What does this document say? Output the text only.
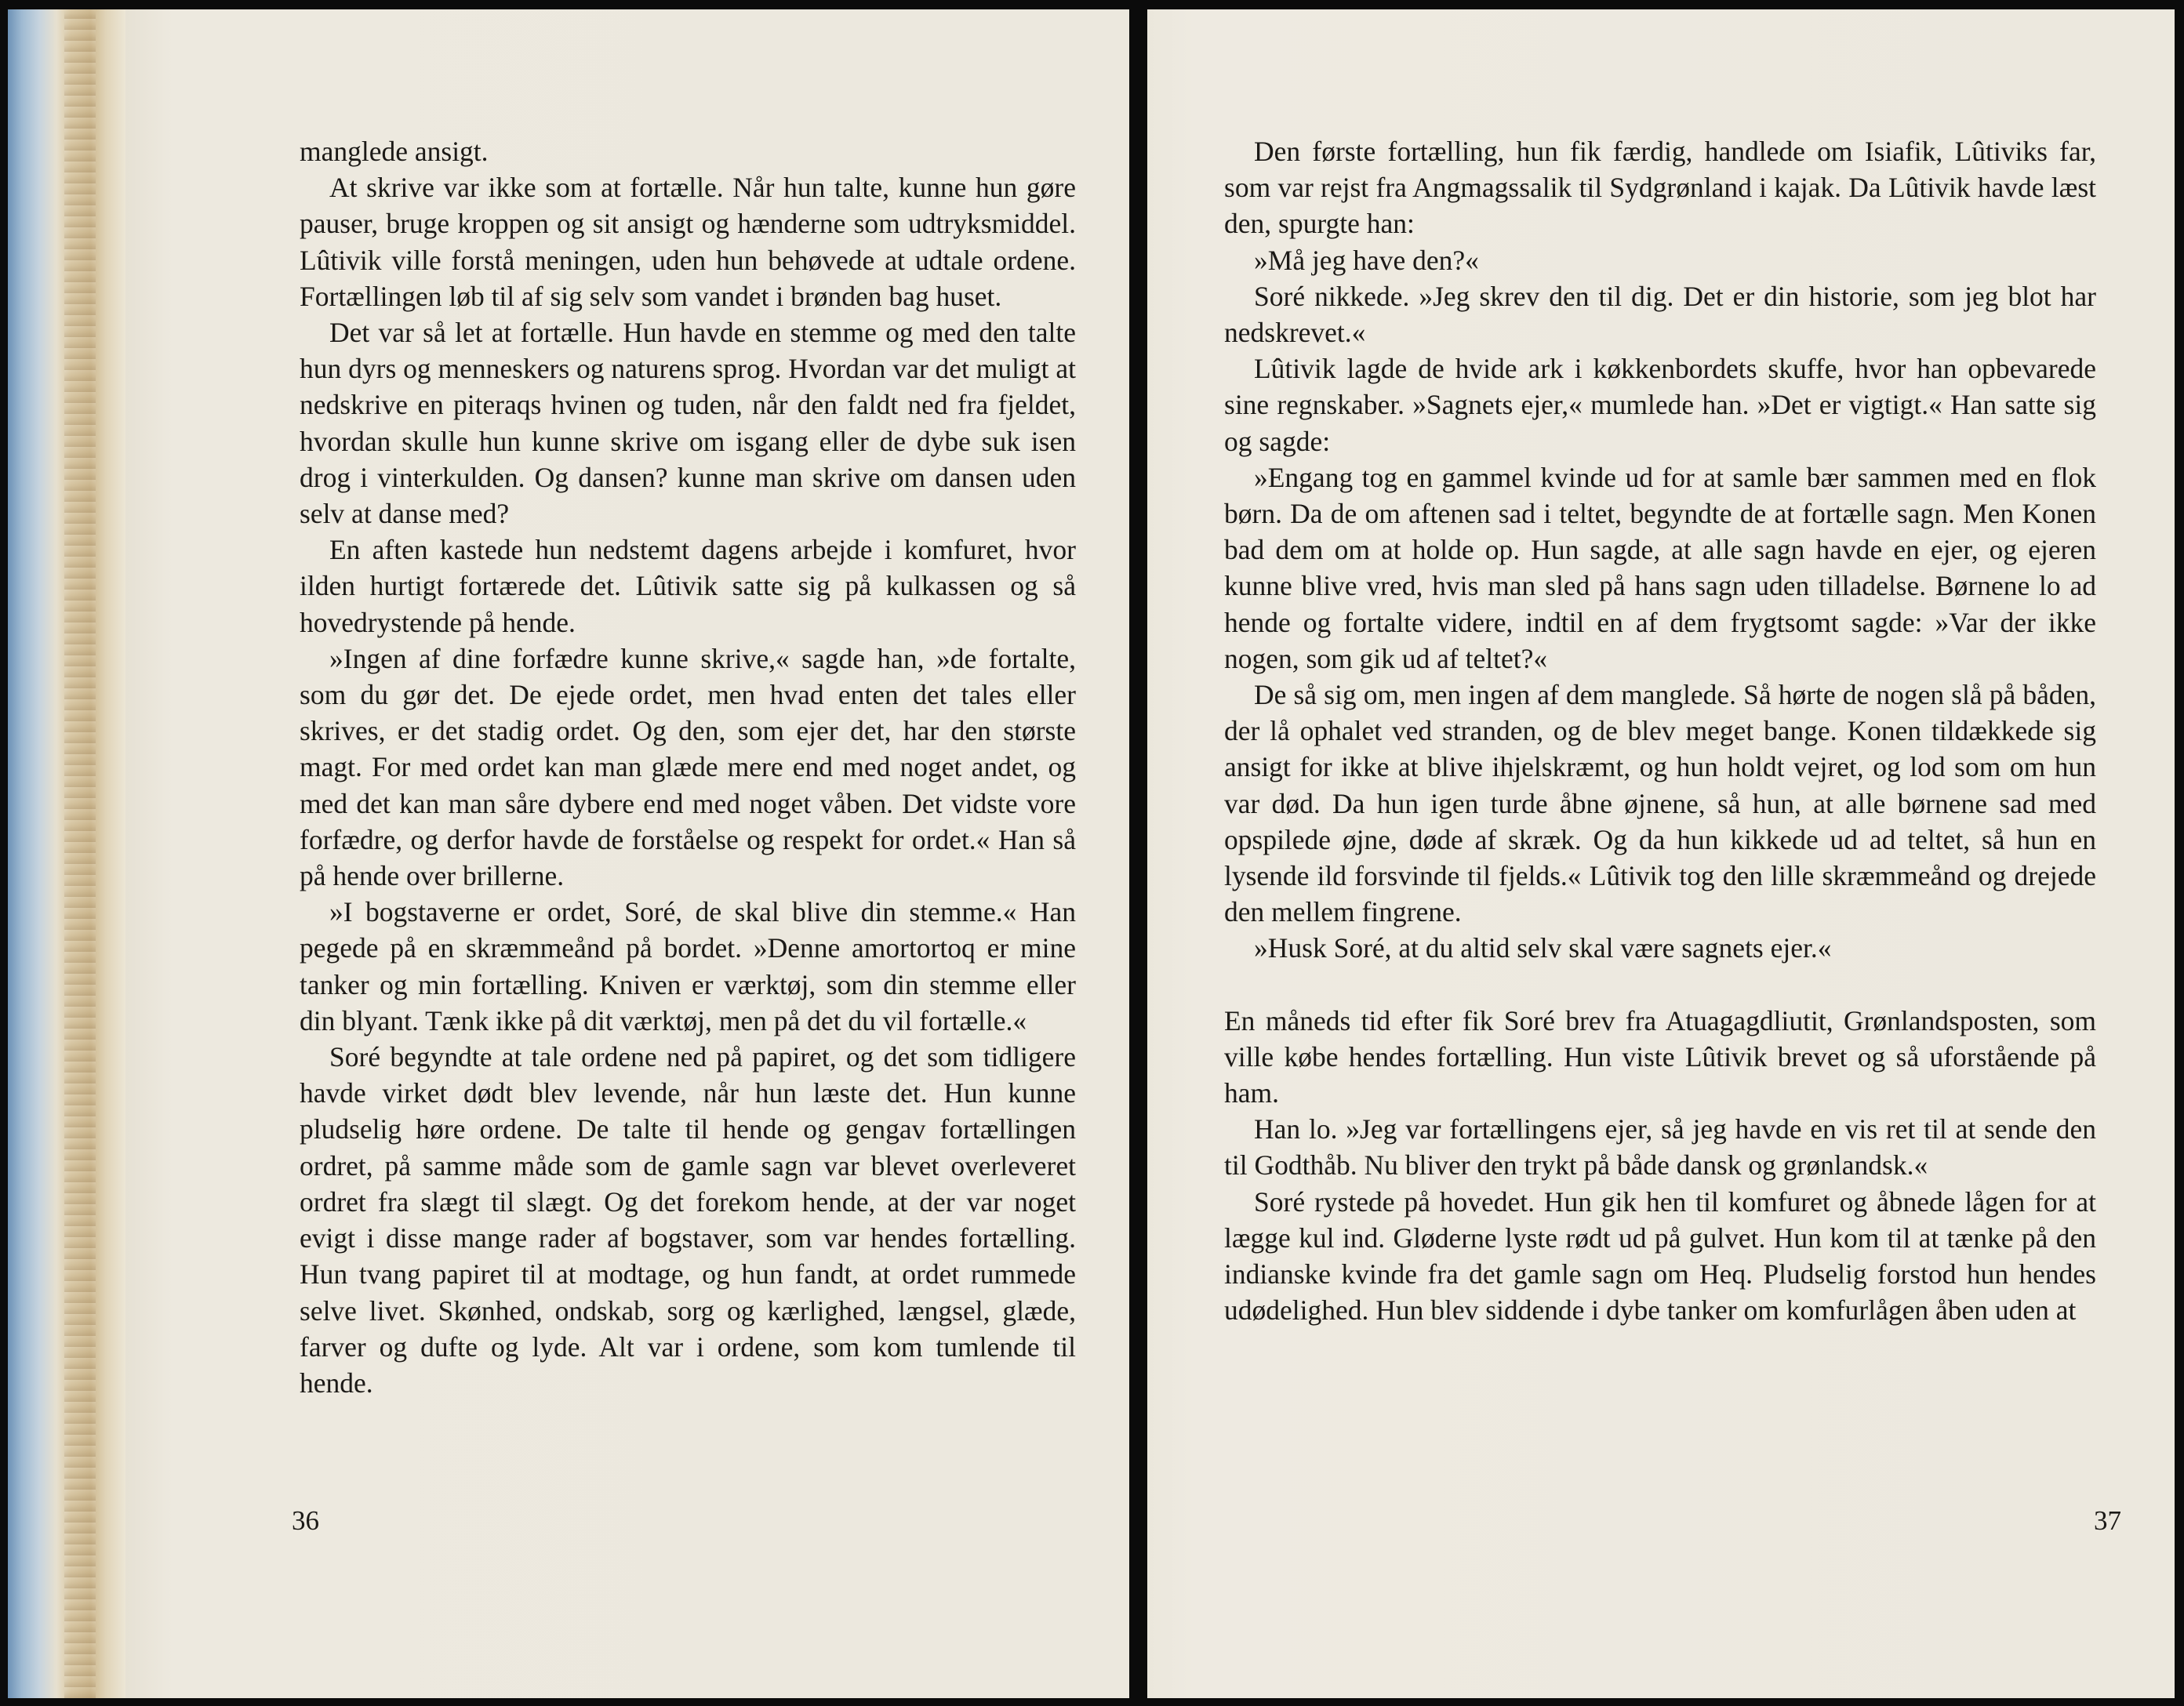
manglede ansigt.

At skrive var ikke som at fortælle. Når hun talte, kunne hun gøre pauser, bruge kroppen og sit ansigt og hænderne som udtryksmiddel. Lûtivik ville forstå meningen, uden hun behøvede at udtale ordene. Fortællingen løb til af sig selv som vandet i brønden bag huset.

Det var så let at fortælle. Hun havde en stemme og med den talte hun dyrs og menneskers og naturens sprog. Hvordan var det muligt at nedskrive en piteraqs hvinen og tuden, når den faldt ned fra fjeldet, hvordan skulle hun kunne skrive om isgang eller de dybe suk isen drog i vinterkulden. Og dansen? kunne man skrive om dansen uden selv at danse med?

En aften kastede hun nedstemt dagens arbejde i komfuret, hvor ilden hurtigt fortærede det. Lûtivik satte sig på kulkassen og så hovedrystende på hende.

»Ingen af dine forfædre kunne skrive,« sagde han, »de fortalte, som du gør det. De ejede ordet, men hvad enten det tales eller skrives, er det stadig ordet. Og den, som ejer det, har den største magt. For med ordet kan man glæde mere end med noget andet, og med det kan man såre dybere end med noget våben. Det vidste vore forfædre, og derfor havde de forståelse og respekt for ordet.« Han så på hende over brillerne.

»I bogstaverne er ordet, Soré, de skal blive din stemme.« Han pegede på en skræmmeånd på bordet. »Denne amortortoq er mine tanker og min fortælling. Kniven er værktøj, som din stemme eller din blyant. Tænk ikke på dit værktøj, men på det du vil fortælle.«

Soré begyndte at tale ordene ned på papiret, og det som tidligere havde virket dødt blev levende, når hun læste det. Hun kunne pludselig høre ordene. De talte til hende og gengav fortællingen ordret, på samme måde som de gamle sagn var blevet overleveret ordret fra slægt til slægt. Og det forekom hende, at der var noget evigt i disse mange rader af bogstaver, som var hendes fortælling. Hun tvang papiret til at modtage, og hun fandt, at ordet rummede selve livet. Skønhed, ondskab, sorg og kærlighed, længsel, glæde, farver og dufte og lyde. Alt var i ordene, som kom tumlende til hende.

36

Den første fortælling, hun fik færdig, handlede om Isiafik, Lûtiviks far, som var rejst fra Angmagssalik til Sydgrønland i kajak. Da Lûtivik havde læst den, spurgte han:

»Må jeg have den?«

Soré nikkede. »Jeg skrev den til dig. Det er din historie, som jeg blot har nedskrevet.«

Lûtivik lagde de hvide ark i køkkenbordets skuffe, hvor han opbevarede sine regnskaber. »Sagnets ejer,« mumlede han. »Det er vigtigt.« Han satte sig og sagde:

»Engang tog en gammel kvinde ud for at samle bær sammen med en flok børn. Da de om aftenen sad i teltet, begyndte de at fortælle sagn. Men Konen bad dem om at holde op. Hun sagde, at alle sagn havde en ejer, og ejeren kunne blive vred, hvis man sled på hans sagn uden tilladelse. Børnene lo ad hende og fortalte videre, indtil en af dem frygtsomt sagde: »Var der ikke nogen, som gik ud af teltet?«

De så sig om, men ingen af dem manglede. Så hørte de nogen slå på båden, der lå ophalet ved stranden, og de blev meget bange. Konen tildækkede sig ansigt for ikke at blive ihjelskræmt, og hun holdt vejret, og lod som om hun var død. Da hun igen turde åbne øjnene, så hun, at alle børnene sad med opspilede øjne, døde af skræk. Og da hun kikkede ud ad teltet, så hun en lysende ild forsvinde til fjelds.« Lûtivik tog den lille skræmmeånd og drejede den mellem fingrene.

»Husk Soré, at du altid selv skal være sagnets ejer.«

En måneds tid efter fik Soré brev fra Atuagagdliutit, Grønlandsposten, som ville købe hendes fortælling. Hun viste Lûtivik brevet og så uforstående på ham.

Han lo. »Jeg var fortællingens ejer, så jeg havde en vis ret til at sende den til Godthåb. Nu bliver den trykt på både dansk og grønlandsk.«

Soré rystede på hovedet. Hun gik hen til komfuret og åbnede lågen for at lægge kul ind. Gløderne lyste rødt ud på gulvet. Hun kom til at tænke på den indianske kvinde fra det gamle sagn om Heq. Pludselig forstod hun hendes udødelighed. Hun blev siddende i dybe tanker om komfurlågen åben uden at

37
